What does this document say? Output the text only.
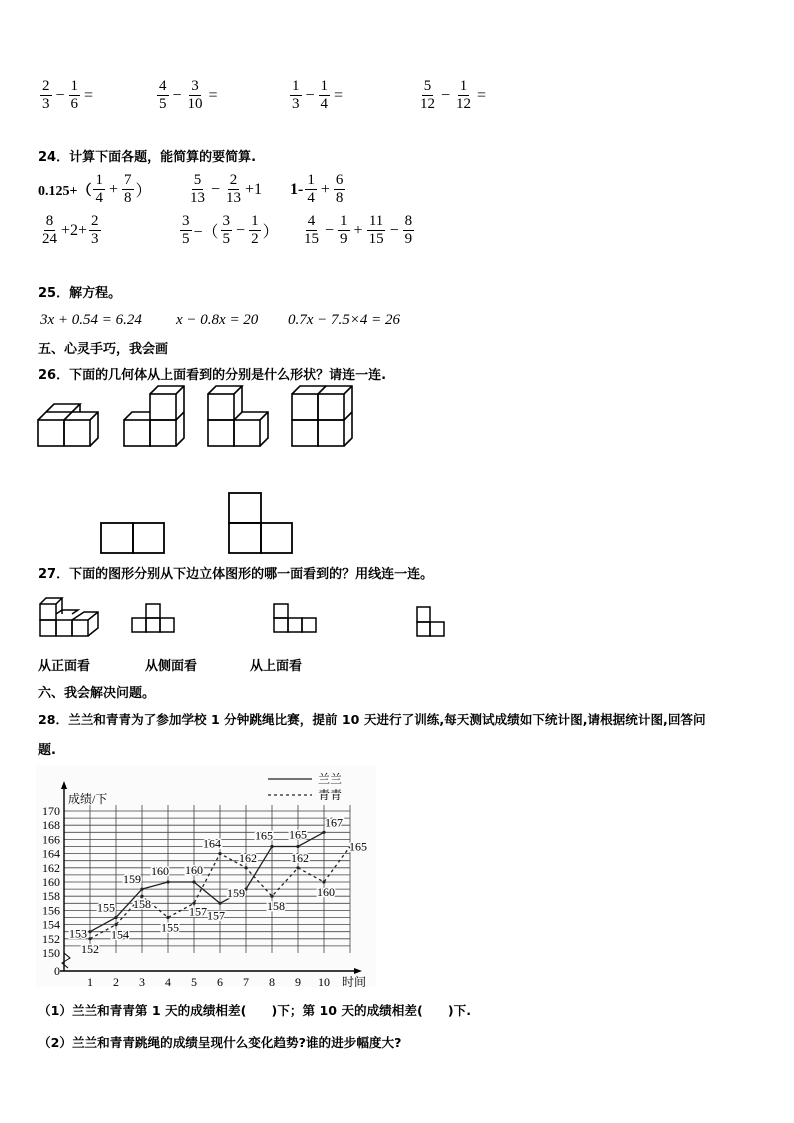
$\frac{2}{3} - \frac{1}{6}$ =	$\frac{4}{5} - \frac{3}{10}$ =	$\frac{1}{3} - \frac{1}{4}$ =	$\frac{5}{12} - \frac{1}{12}$ =
24．计算下面各题，能简算的要简算.
$0.125+( \frac{1}{4} + \frac{7}{8}$ ） $\frac{5}{13} - \frac{2}{13} +1$ $1- \frac{1}{4} + \frac{6}{8}$
$\frac{8}{24} +2+ \frac{2}{3}$	$\frac{3}{5}$ −（ $\frac{3}{5} - \frac{1}{2}$ ） $\frac{4}{15} - \frac{1}{9} + \frac{11}{15} - \frac{8}{9}$
25．解方程。
3x + 0.54 = 6.24 x − 0.8x = 20 0.7x − 7.5×4 = 26
五、心灵手巧，我会画
26．下面的几何体从上面看到的分别是什么形状？请连一连.
27．下面的图形分别从下边立体图形的哪一面看到的？用线连一连。
从正面看	从侧面看	从上面看
六、我会解决问题。
28．兰兰和青青为了参加学校 1 分钟跳绳比赛，提前 10 天进行了训练,每天测试成绩如下统计图,请根据统计图,回答问
题.
150
152
154
156
158
160
162
164
166
168
170
0
1 2 3 4 5 6 7 8 9 10 时间
成绩/下
兰兰
青青
153
155
159
160 160
157
159
165 165
167
152
154
158
155
157
164
162
158
162
160
165
（1）兰兰和青青第 1 天的成绩相差(　　)下；第 10 天的成绩相差(　　)下.
（2）兰兰和青青跳绳的成绩呈现什么变化趋势?谁的进步幅度大?
